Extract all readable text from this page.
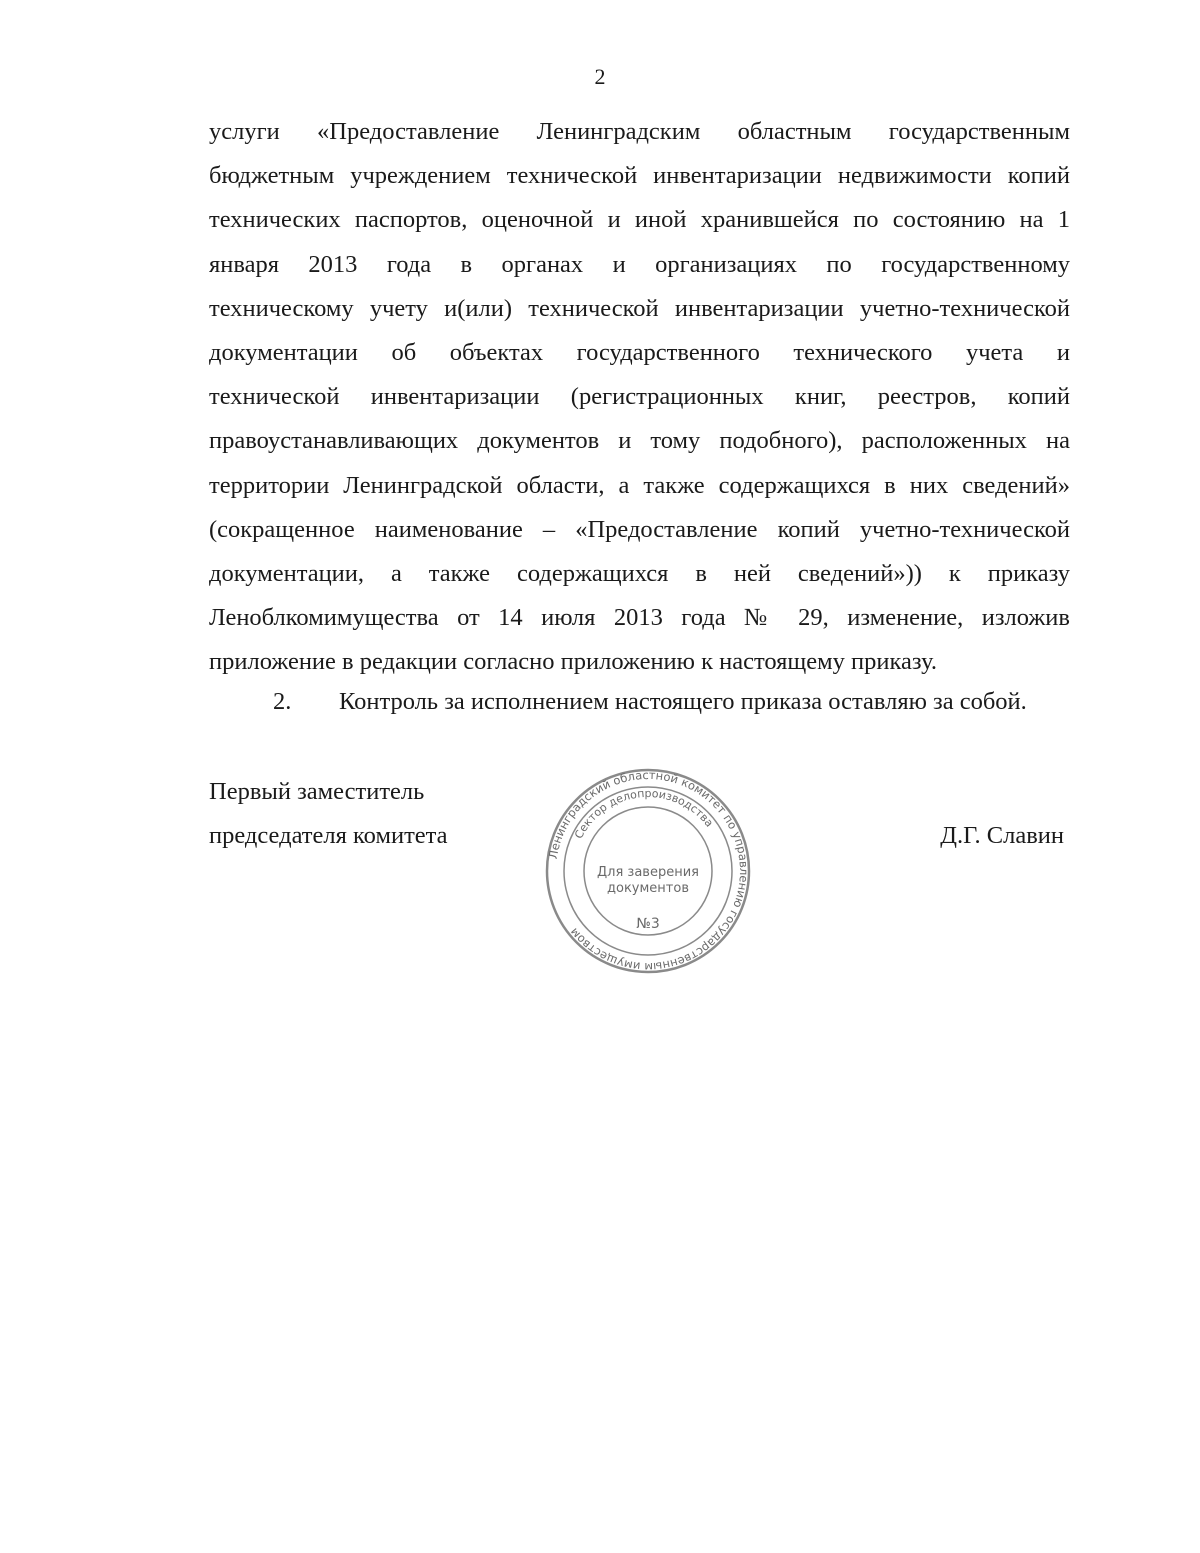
2
услуги «Предоставление Ленинградским областным государственным
бюджетным учреждением технической инвентаризации недвижимости копий
технических паспортов, оценочной и иной хранившейся по состоянию на 1
января 2013 года в органах и организациях по государственному
техническому учету и(или) технической инвентаризации учетно-технической
документации об объектах государственного технического учета и
технической инвентаризации (регистрационных книг, реестров, копий
правоустанавливающих документов и тому подобного), расположенных на
территории Ленинградской области, а также содержащихся в них сведений»
(сокращенное наименование – «Предоставление копий учетно-технической
документации, а также содержащихся в ней сведений»)) к приказу
Леноблкомимущества от 14 июля 2013 года № 29, изменение, изложив
приложение в редакции согласно приложению к настоящему приказу.
2. Контроль за исполнением настоящего приказа оставляю за собой.
Первый заместитель
председателя комитета
Ленинградский областной комитет по управлению государственным имуществом
Сектор делопроизводства
Для заверения
документов
№3
Д.Г. Славин
